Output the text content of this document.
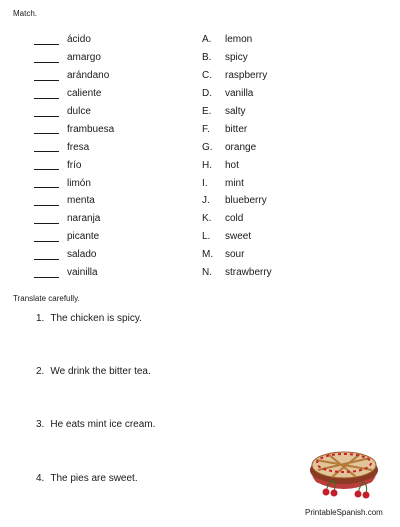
Match.
ácido
amargo
arándano
caliente
dulce
frambuesa
fresa
frío
limón
menta
naranja
picante
salado
vainilla
A.	lemon
B.	spicy
C.	raspberry
D.	vanilla
E.	salty
F.	bitter
G.	orange
H.	hot
I.	mint
J.	blueberry
K.	cold
L.	sweet
M.	sour
N.	strawberry
Translate carefully.
1. The chicken is spicy.
2. We drink the bitter tea.
3. He eats mint ice cream.
4. The pies are sweet.
PrintableSpanish.com
